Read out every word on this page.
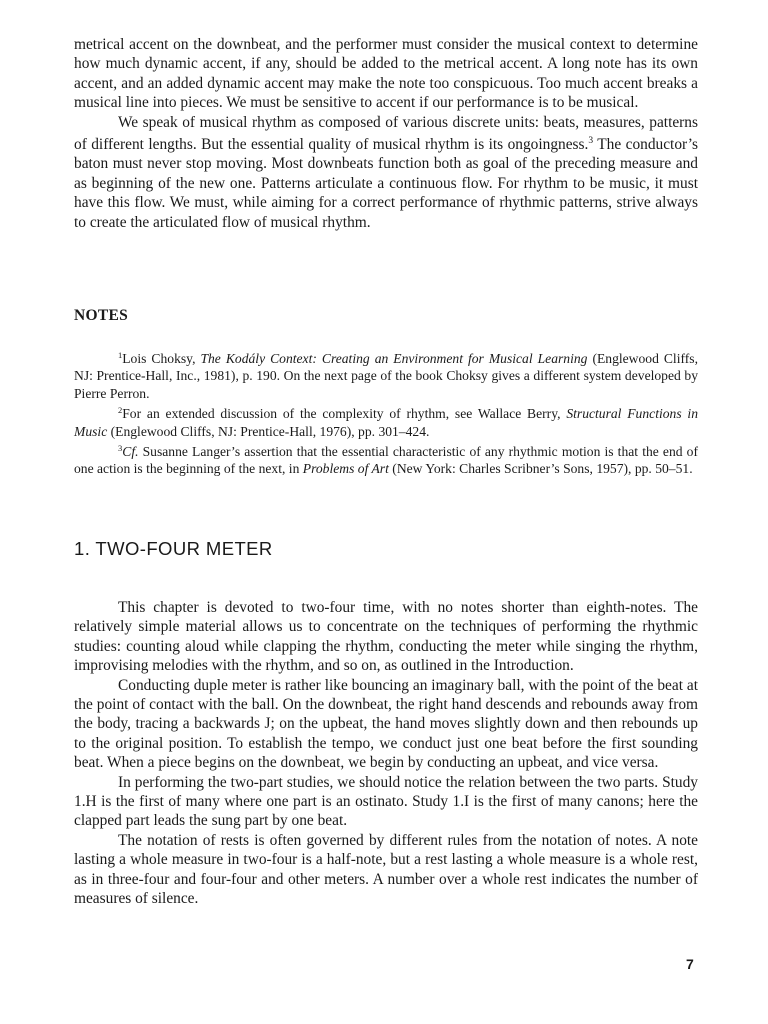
metrical accent on the downbeat, and the performer must consider the musical context to determine how much dynamic accent, if any, should be added to the metrical accent. A long note has its own accent, and an added dynamic accent may make the note too conspicuous. Too much accent breaks a musical line into pieces. We must be sensitive to accent if our performance is to be musical.

We speak of musical rhythm as composed of various discrete units: beats, measures, patterns of different lengths. But the essential quality of musical rhythm is its ongoingness.$^3$ The conductor’s baton must never stop moving. Most downbeats function both as goal of the preceding measure and as beginning of the new one. Patterns articulate a continuous flow. For rhythm to be music, it must have this flow. We must, while aiming for a correct performance of rhythmic patterns, strive always to create the articulated flow of musical rhythm.

NOTES

$^1$Lois Choksy, The Kodály Context: Creating an Environment for Musical Learning (Englewood Cliffs, NJ: Prentice-Hall, Inc., 1981), p. 190. On the next page of the book Choksy gives a different system developed by Pierre Perron.

$^2$For an extended discussion of the complexity of rhythm, see Wallace Berry, Structural Functions in Music (Englewood Cliffs, NJ: Prentice-Hall, 1976), pp. 301–424.

$^3$Cf. Susanne Langer’s assertion that the essential characteristic of any rhythmic motion is that the end of one action is the beginning of the next, in Problems of Art (New York: Charles Scribner’s Sons, 1957), pp. 50–51.

1. TWO-FOUR METER

This chapter is devoted to two-four time, with no notes shorter than eighth-notes. The relatively simple material allows us to concentrate on the techniques of performing the rhythmic studies: counting aloud while clapping the rhythm, conducting the meter while singing the rhythm, improvising melodies with the rhythm, and so on, as outlined in the Introduction.

Conducting duple meter is rather like bouncing an imaginary ball, with the point of the beat at the point of contact with the ball. On the downbeat, the right hand descends and rebounds away from the body, tracing a backwards J; on the upbeat, the hand moves slightly down and then rebounds up to the original position. To establish the tempo, we conduct just one beat before the first sounding beat. When a piece begins on the downbeat, we begin by conducting an upbeat, and vice versa.

In performing the two-part studies, we should notice the relation between the two parts. Study 1.H is the first of many where one part is an ostinato. Study 1.I is the first of many canons; here the clapped part leads the sung part by one beat.

The notation of rests is often governed by different rules from the notation of notes. A note lasting a whole measure in two-four is a half-note, but a rest lasting a whole measure is a whole rest, as in three-four and four-four and other meters. A number over a whole rest indicates the number of measures of silence.

7
